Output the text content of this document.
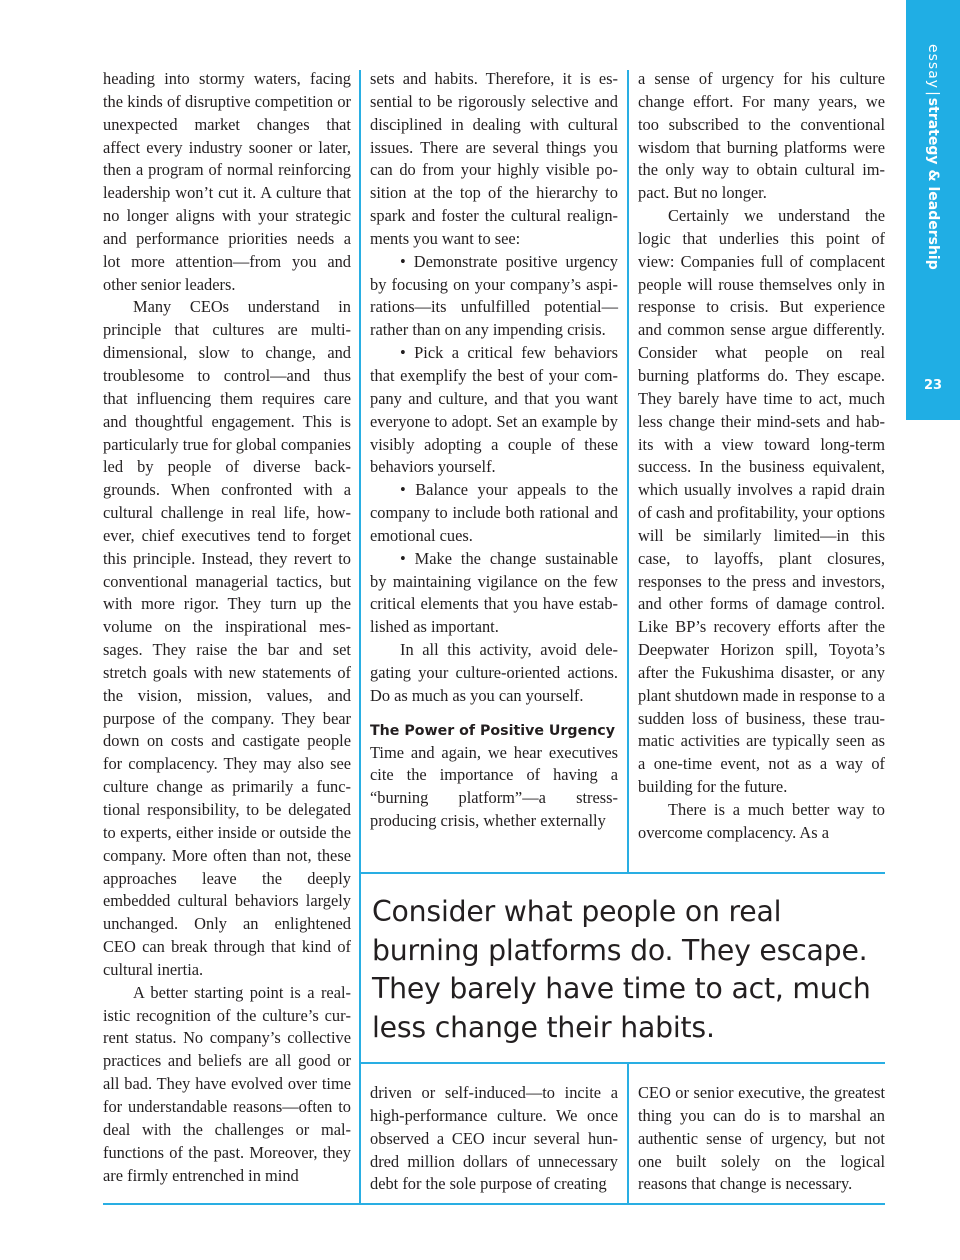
essay|strategy & leadership
23

heading into stormy waters, facing the kinds of disruptive competition or unexpected market changes that affect every industry sooner or later, then a program of normal reinforcing leadership won’t cut it. A culture that no longer aligns with your strategic and performance priorities needs a lot more attention—from you and other senior leaders.

Many CEOs understand in principle that cultures are multidimensional, slow to change, and troublesome to control—and thus that influencing them requires care and thoughtful engagement. This is particularly true for global companies led by people of diverse backgrounds. When confronted with a cultural challenge in real life, however, chief executives tend to forget this principle. Instead, they revert to conventional managerial tactics, but with more rigor. They turn up the volume on the inspirational messages. They raise the bar and set stretch goals with new statements of the vision, mission, values, and purpose of the company. They bear down on costs and castigate people for complacency. They may also see culture change as primarily a functional responsibility, to be delegated to experts, either inside or outside the company. More often than not, these approaches leave the deeply embedded cultural behaviors largely unchanged. Only an enlightened CEO can break through that kind of cultural inertia.

A better starting point is a realistic recognition of the culture’s current status. No company’s collective practices and beliefs are all good or all bad. They have evolved over time for understandable reasons—often to deal with the challenges or malfunctions of the past. Moreover, they are firmly entrenched in mind

sets and habits. Therefore, it is essential to be rigorously selective and disciplined in dealing with cultural issues. There are several things you can do from your highly visible position at the top of the hierarchy to spark and foster the cultural realignments you want to see:

• Demonstrate positive urgency by focusing on your company’s aspirations—its unfulfilled potential—rather than on any impending crisis.

• Pick a critical few behaviors that exemplify the best of your company and culture, and that you want everyone to adopt. Set an example by visibly adopting a couple of these behaviors yourself.

• Balance your appeals to the company to include both rational and emotional cues.

• Make the change sustainable by maintaining vigilance on the few critical elements that you have established as important.

In all this activity, avoid delegating your culture-oriented actions. Do as much as you can yourself.

The Power of Positive Urgency

Time and again, we hear executives cite the importance of having a “burning platform”—a stress-producing crisis, whether externally

a sense of urgency for his culture change effort. For many years, we too subscribed to the conventional wisdom that burning platforms were the only way to obtain cultural impact. But no longer.

Certainly we understand the logic that underlies this point of view: Companies full of complacent people will rouse themselves only in response to crisis. But experience and common sense argue differently. Consider what people on real burning platforms do. They escape. They barely have time to act, much less change their mind-sets and habits with a view toward long-term success. In the business equivalent, which usually involves a rapid drain of cash and profitability, your options will be similarly limited—in this case, to layoffs, plant closures, responses to the press and investors, and other forms of damage control. Like BP’s recovery efforts after the Deepwater Horizon spill, Toyota’s after the Fukushima disaster, or any plant shutdown made in response to a sudden loss of business, these traumatic activities are typically seen as a one-time event, not as a way of building for the future.

There is a much better way to overcome complacency. As a

Consider what people on real burning platforms do. They escape. They barely have time to act, much less change their habits.

driven or self-induced—to incite a high-performance culture. We once observed a CEO incur several hundred million dollars of unnecessary debt for the sole purpose of creating

CEO or senior executive, the greatest thing you can do is to marshal an authentic sense of urgency, but not one built solely on the logical reasons that change is necessary.
